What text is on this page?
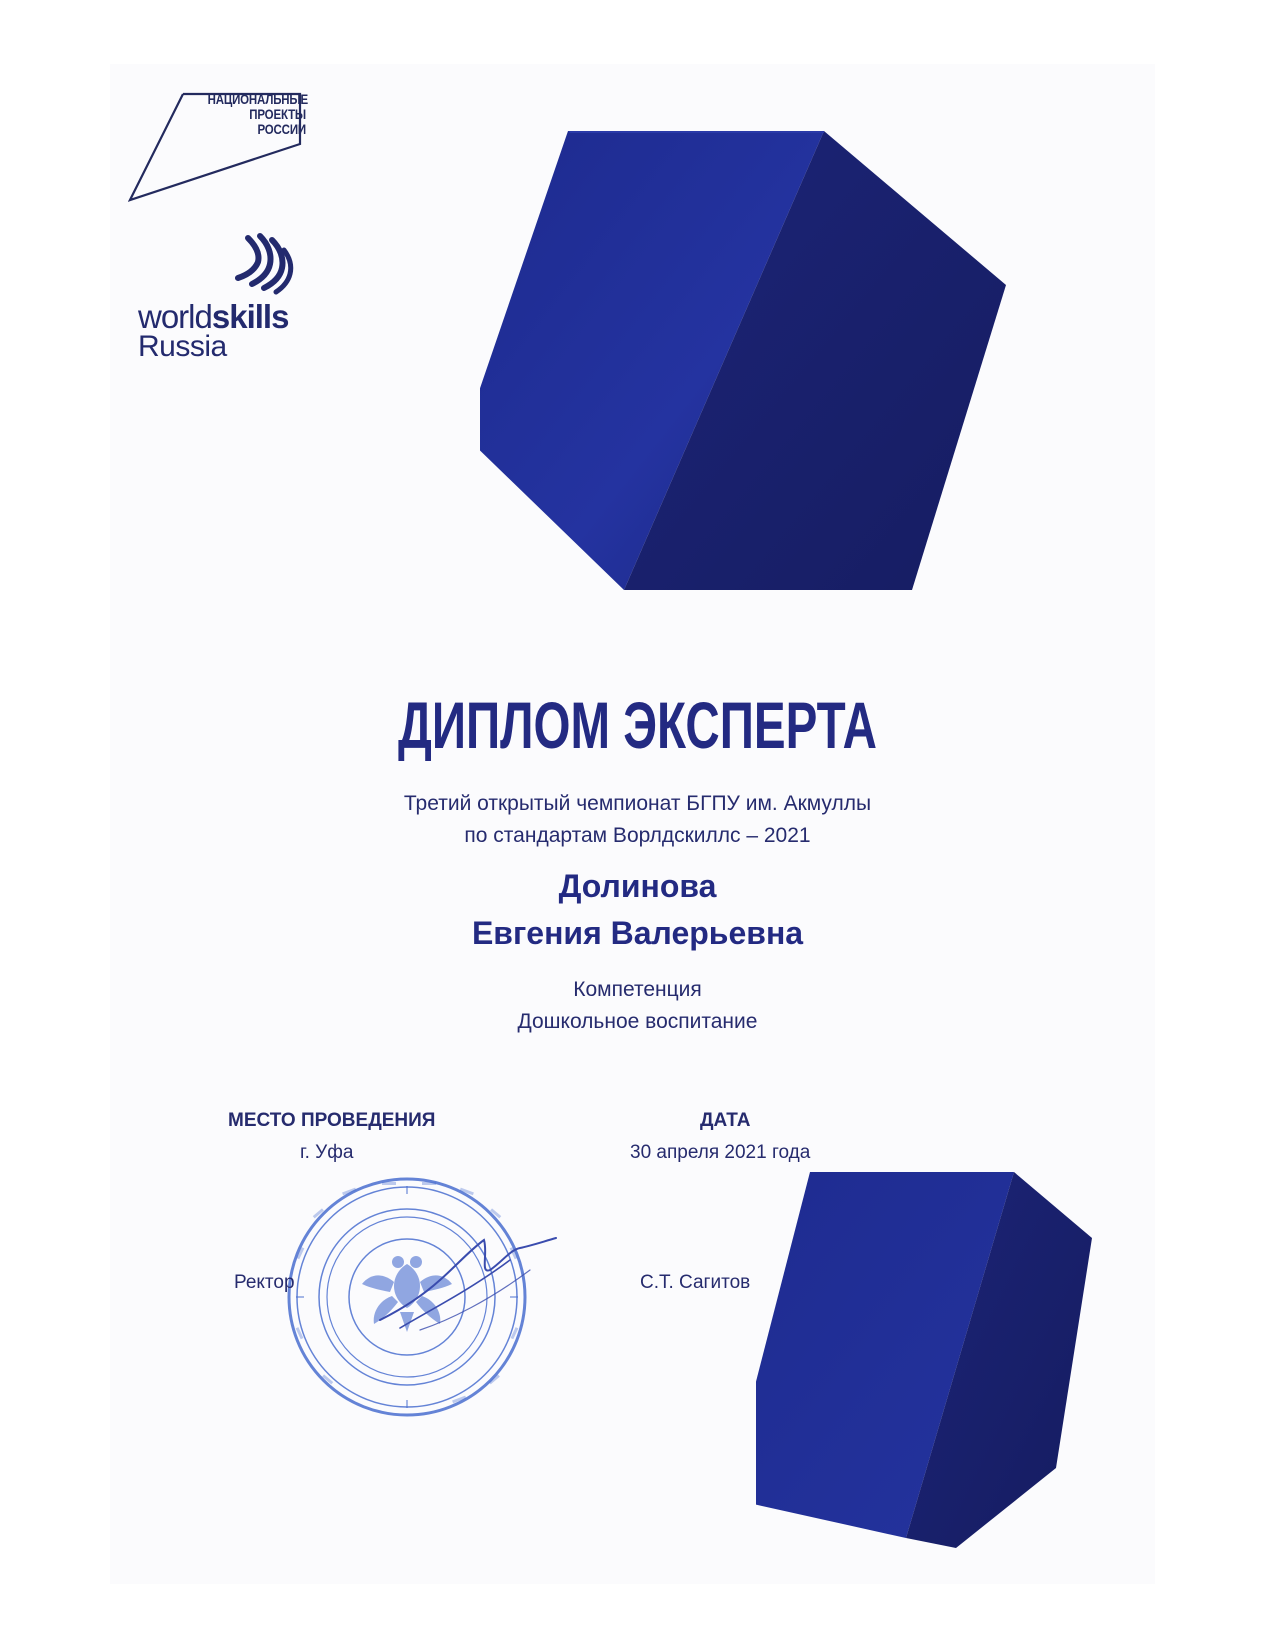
НАЦИОНАЛЬНЫЕ
ПРОЕКТЫ
РОССИИ
worldskills
Russia
ДИПЛОМ ЭКСПЕРТА
Третий открытый чемпионат БГПУ им. Акмуллы
по стандартам Ворлдскиллс – 2021
Долинова
Евгения Валерьевна
Компетенция
Дошкольное воспитание
МЕСТО ПРОВЕДЕНИЯ
г. Уфа
ДАТА
30 апреля 2021 года
Ректор	С.Т. Сагитов
